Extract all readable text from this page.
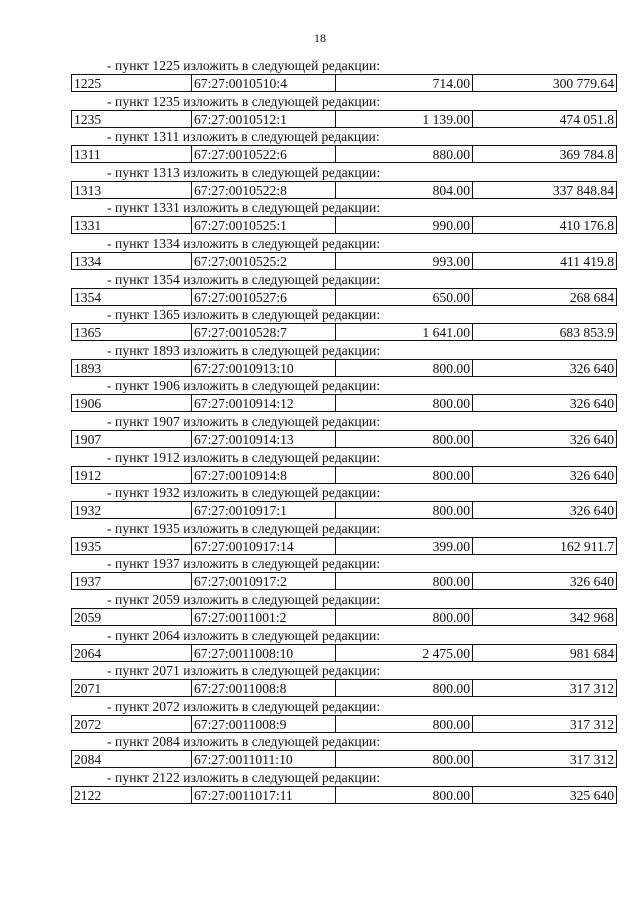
18
- пункт 1225 изложить в следующей редакции:
1225	67:27:0010510:4	714.00	300 779.64
- пункт 1235 изложить в следующей редакции:
1235	67:27:0010512:1	1 139.00	474 051.8
- пункт 1311 изложить в следующей редакции:
1311	67:27:0010522:6	880.00	369 784.8
- пункт 1313 изложить в следующей редакции:
1313	67:27:0010522:8	804.00	337 848.84
- пункт 1331 изложить в следующей редакции:
1331	67:27:0010525:1	990.00	410 176.8
- пункт 1334 изложить в следующей редакции:
1334	67:27:0010525:2	993.00	411 419.8
- пункт 1354 изложить в следующей редакции:
1354	67:27:0010527:6	650.00	268 684
- пункт 1365 изложить в следующей редакции:
1365	67:27:0010528:7	1 641.00	683 853.9
- пункт 1893 изложить в следующей редакции:
1893	67:27:0010913:10	800.00	326 640
- пункт 1906 изложить в следующей редакции:
1906	67:27:0010914:12	800.00	326 640
- пункт 1907 изложить в следующей редакции:
1907	67:27:0010914:13	800.00	326 640
- пункт 1912 изложить в следующей редакции:
1912	67:27:0010914:8	800.00	326 640
- пункт 1932 изложить в следующей редакции:
1932	67:27:0010917:1	800.00	326 640
- пункт 1935 изложить в следующей редакции:
1935	67:27:0010917:14	399.00	162 911.7
- пункт 1937 изложить в следующей редакции:
1937	67:27:0010917:2	800.00	326 640
- пункт 2059 изложить в следующей редакции:
2059	67:27:0011001:2	800.00	342 968
- пункт 2064 изложить в следующей редакции:
2064	67:27:0011008:10	2 475.00	981 684
- пункт 2071 изложить в следующей редакции:
2071	67:27:0011008:8	800.00	317 312
- пункт 2072 изложить в следующей редакции:
2072	67:27:0011008:9	800.00	317 312
- пункт 2084 изложить в следующей редакции:
2084	67:27:0011011:10	800.00	317 312
- пункт 2122 изложить в следующей редакции:
2122	67:27:0011017:11	800.00	325 640
